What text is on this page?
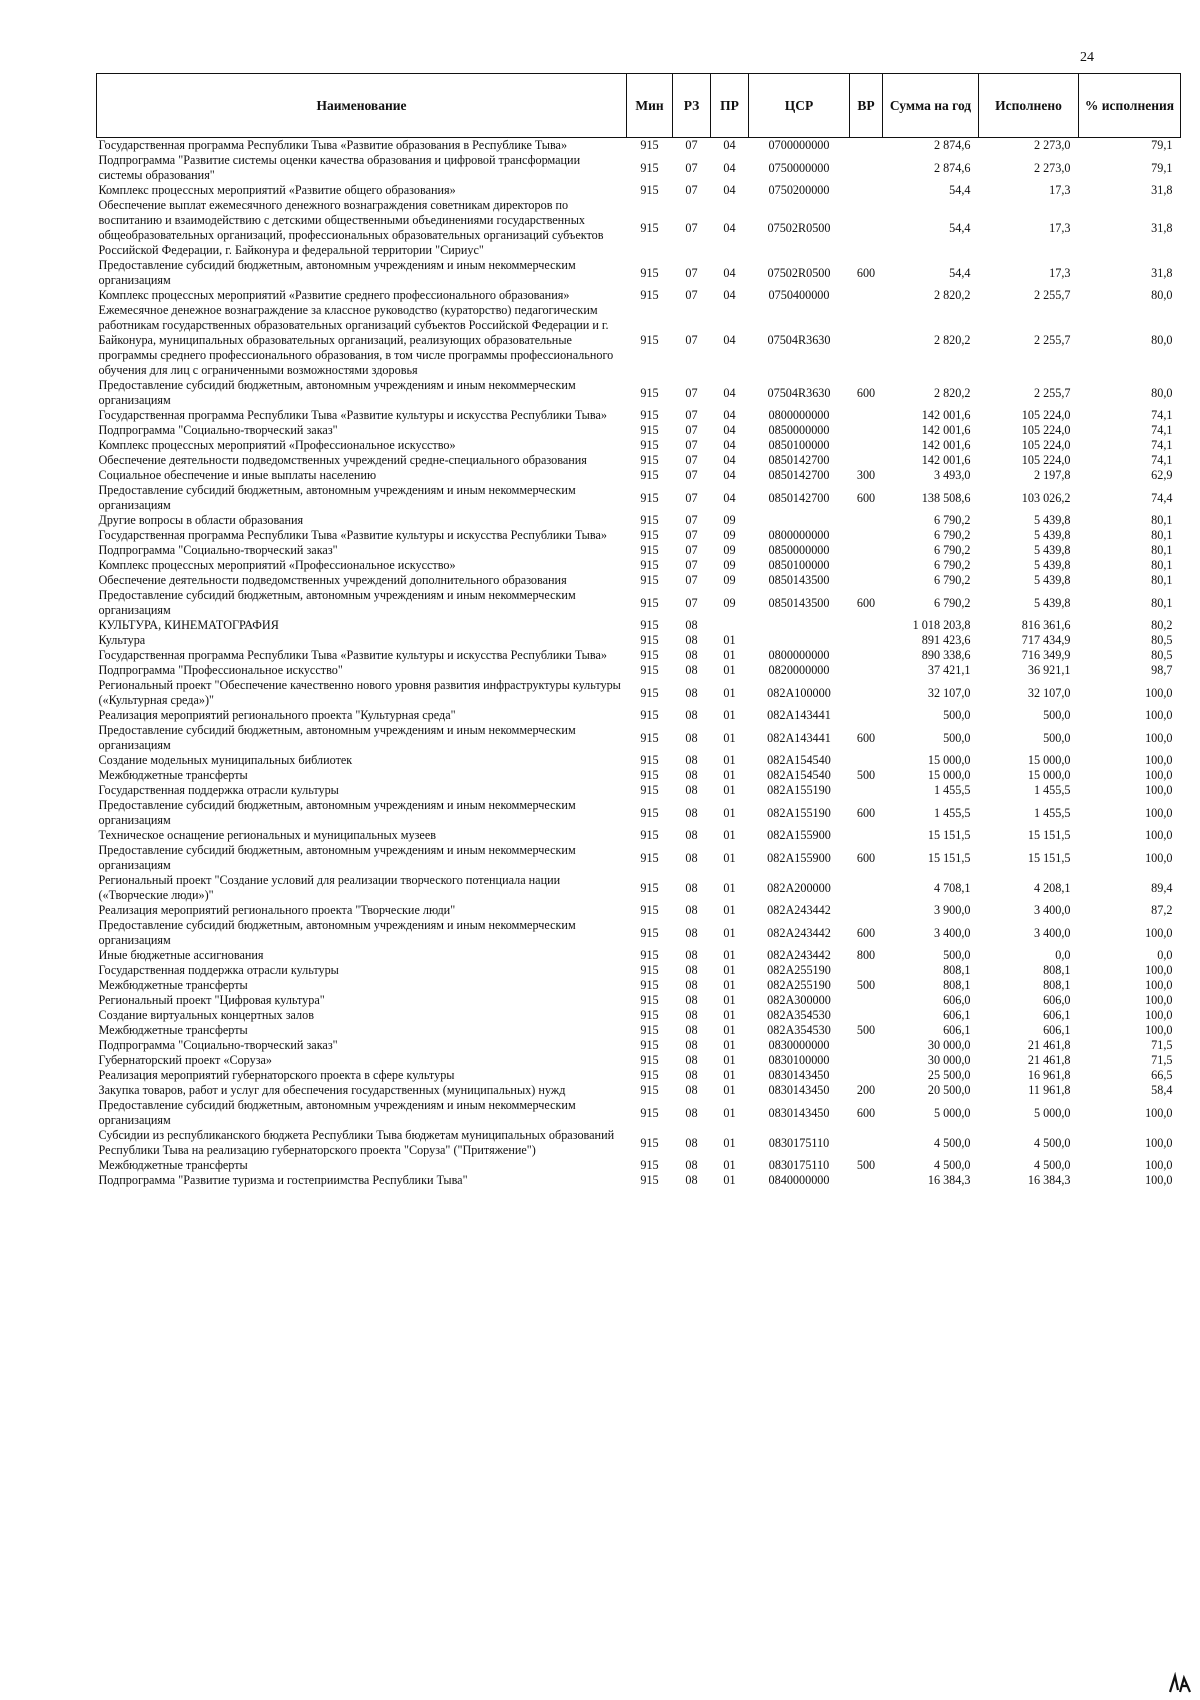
24
Наименование	Мин	РЗ	ПР	ЦСР	ВР	Сумма на год	Исполнено	% исполнения
Государственная программа Республики Тыва «Развитие образования в Республике Тыва»	915	07	04	0700000000		2 874,6	2 273,0	79,1
Подпрограмма "Развитие системы оценки качества образования и цифровой трансформации системы образования"	915	07	04	0750000000		2 874,6	2 273,0	79,1
Комплекс процессных мероприятий «Развитие общего образования»	915	07	04	0750200000		54,4	17,3	31,8
Обеспечение выплат ежемесячного денежного вознаграждения советникам директоров по воспитанию и взаимодействию с детскими общественными объединениями государственных общеобразовательных организаций, профессиональных образовательных организаций субъектов Российской Федерации, г. Байконура и федеральной территории "Сириус"	915	07	04	07502R0500		54,4	17,3	31,8
Предоставление субсидий бюджетным, автономным учреждениям и иным некоммерческим организациям	915	07	04	07502R0500	600	54,4	17,3	31,8
Комплекс процессных мероприятий «Развитие среднего профессионального образования»	915	07	04	0750400000		2 820,2	2 255,7	80,0
Ежемесячное денежное вознаграждение за классное руководство (кураторство) педагогическим работникам государственных образовательных организаций субъектов Российской Федерации и г. Байконура, муниципальных образовательных организаций, реализующих образовательные программы среднего профессионального образования, в том числе программы профессионального обучения для лиц с ограниченными возможностями здоровья	915	07	04	07504R3630		2 820,2	2 255,7	80,0
Предоставление субсидий бюджетным, автономным учреждениям и иным некоммерческим организациям	915	07	04	07504R3630	600	2 820,2	2 255,7	80,0
Государственная программа Республики Тыва «Развитие культуры и искусства Республики Тыва»	915	07	04	0800000000		142 001,6	105 224,0	74,1
Подпрограмма "Социально-творческий заказ"	915	07	04	0850000000		142 001,6	105 224,0	74,1
Комплекс процессных мероприятий «Профессиональное искусство»	915	07	04	0850100000		142 001,6	105 224,0	74,1
Обеспечение деятельности подведомственных учреждений средне-специального образования	915	07	04	0850142700		142 001,6	105 224,0	74,1
Социальное обеспечение и иные выплаты населению	915	07	04	0850142700	300	3 493,0	2 197,8	62,9
Предоставление субсидий бюджетным, автономным учреждениям и иным некоммерческим организациям	915	07	04	0850142700	600	138 508,6	103 026,2	74,4
Другие вопросы в области образования	915	07	09			6 790,2	5 439,8	80,1
Государственная программа Республики Тыва «Развитие культуры и искусства Республики Тыва»	915	07	09	0800000000		6 790,2	5 439,8	80,1
Подпрограмма "Социально-творческий заказ"	915	07	09	0850000000		6 790,2	5 439,8	80,1
Комплекс процессных мероприятий «Профессиональное искусство»	915	07	09	0850100000		6 790,2	5 439,8	80,1
Обеспечение деятельности подведомственных учреждений дополнительного образования	915	07	09	0850143500		6 790,2	5 439,8	80,1
Предоставление субсидий бюджетным, автономным учреждениям и иным некоммерческим организациям	915	07	09	0850143500	600	6 790,2	5 439,8	80,1
КУЛЬТУРА, КИНЕМАТОГРАФИЯ	915	08				1 018 203,8	816 361,6	80,2
Культура	915	08	01			891 423,6	717 434,9	80,5
Государственная программа Республики Тыва «Развитие культуры и искусства Республики Тыва»	915	08	01	0800000000		890 338,6	716 349,9	80,5
Подпрограмма "Профессиональное искусство"	915	08	01	0820000000		37 421,1	36 921,1	98,7
Региональный проект "Обеспечение качественно нового уровня развития инфраструктуры культуры («Культурная среда»)"	915	08	01	082A100000		32 107,0	32 107,0	100,0
Реализация мероприятий регионального проекта "Культурная среда"	915	08	01	082A143441		500,0	500,0	100,0
Предоставление субсидий бюджетным, автономным учреждениям и иным некоммерческим организациям	915	08	01	082A143441	600	500,0	500,0	100,0
Создание модельных муниципальных библиотек	915	08	01	082A154540		15 000,0	15 000,0	100,0
Межбюджетные трансферты	915	08	01	082A154540	500	15 000,0	15 000,0	100,0
Государственная поддержка отрасли культуры	915	08	01	082A155190		1 455,5	1 455,5	100,0
Предоставление субсидий бюджетным, автономным учреждениям и иным некоммерческим организациям	915	08	01	082A155190	600	1 455,5	1 455,5	100,0
Техническое оснащение региональных и муниципальных музеев	915	08	01	082A155900		15 151,5	15 151,5	100,0
Предоставление субсидий бюджетным, автономным учреждениям и иным некоммерческим организациям	915	08	01	082A155900	600	15 151,5	15 151,5	100,0
Региональный проект "Создание условий для реализации творческого потенциала нации («Творческие люди»)"	915	08	01	082A200000		4 708,1	4 208,1	89,4
Реализация мероприятий регионального проекта "Творческие люди"	915	08	01	082A243442		3 900,0	3 400,0	87,2
Предоставление субсидий бюджетным, автономным учреждениям и иным некоммерческим организациям	915	08	01	082A243442	600	3 400,0	3 400,0	100,0
Иные бюджетные ассигнования	915	08	01	082A243442	800	500,0	0,0	0,0
Государственная поддержка отрасли культуры	915	08	01	082A255190		808,1	808,1	100,0
Межбюджетные трансферты	915	08	01	082A255190	500	808,1	808,1	100,0
Региональный проект "Цифровая культура"	915	08	01	082A300000		606,0	606,0	100,0
Создание виртуальных концертных залов	915	08	01	082A354530		606,1	606,1	100,0
Межбюджетные трансферты	915	08	01	082A354530	500	606,1	606,1	100,0
Подпрограмма "Социально-творческий заказ"	915	08	01	0830000000		30 000,0	21 461,8	71,5
Губернаторский проект «Соруза»	915	08	01	0830100000		30 000,0	21 461,8	71,5
Реализация мероприятий губернаторского проекта в сфере культуры	915	08	01	0830143450		25 500,0	16 961,8	66,5
Закупка товаров, работ и услуг для обеспечения государственных (муниципальных) нужд	915	08	01	0830143450	200	20 500,0	11 961,8	58,4
Предоставление субсидий бюджетным, автономным учреждениям и иным некоммерческим организациям	915	08	01	0830143450	600	5 000,0	5 000,0	100,0
Субсидии из республиканского бюджета Республики Тыва бюджетам муниципальных образований Республики Тыва на реализацию губернаторского проекта "Соруза" ("Притяжение")	915	08	01	0830175110		4 500,0	4 500,0	100,0
Межбюджетные трансферты	915	08	01	0830175110	500	4 500,0	4 500,0	100,0
Подпрограмма "Развитие туризма и гостеприимства Республики Тыва"	915	08	01	0840000000		16 384,3	16 384,3	100,0
